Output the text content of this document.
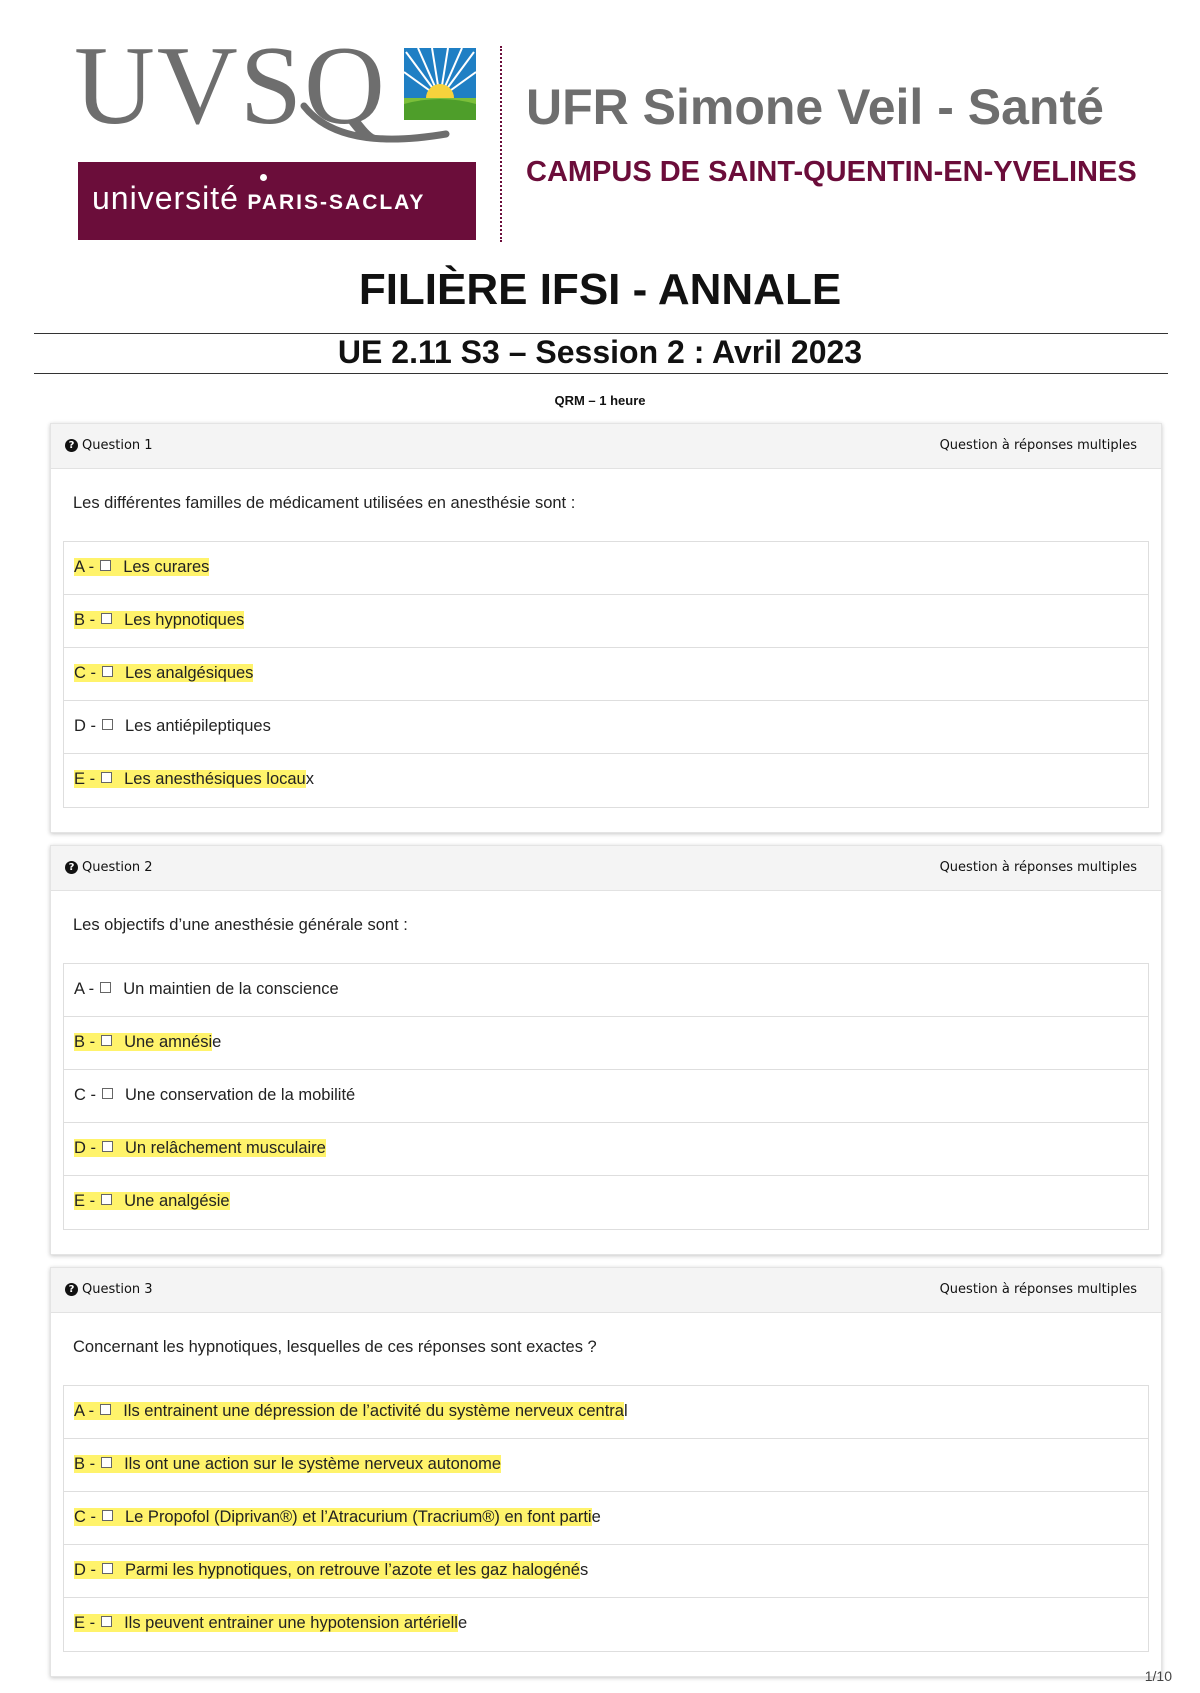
UVSQ
université PARIS-SACLAY
UFR Simone Veil - Santé
CAMPUS DE SAINT-QUENTIN-EN-YVELINES
FILIÈRE IFSI - ANNALE
UE 2.11 S3 – Session 2 : Avril 2023
QRM – 1 heure
? Question 1	Question à réponses multiples
Les différentes familles de médicament utilisées en anesthésie sont :
A - Les curares
B - Les hypnotiques
C - Les analgésiques
D - Les antiépileptiques
E - Les anesthésiques locaux
? Question 2	Question à réponses multiples
Les objectifs d’une anesthésie générale sont :
A - Un maintien de la conscience
B - Une amnésie
C - Une conservation de la mobilité
D - Un relâchement musculaire
E - Une analgésie
? Question 3	Question à réponses multiples
Concernant les hypnotiques, lesquelles de ces réponses sont exactes ?
A - Ils entrainent une dépression de l’activité du système nerveux central
B - Ils ont une action sur le système nerveux autonome
C - Le Propofol (Diprivan®) et l’Atracurium (Tracrium®) en font partie
D - Parmi les hypnotiques, on retrouve l’azote et les gaz halogénés
E - Ils peuvent entrainer une hypotension artérielle
1/10
